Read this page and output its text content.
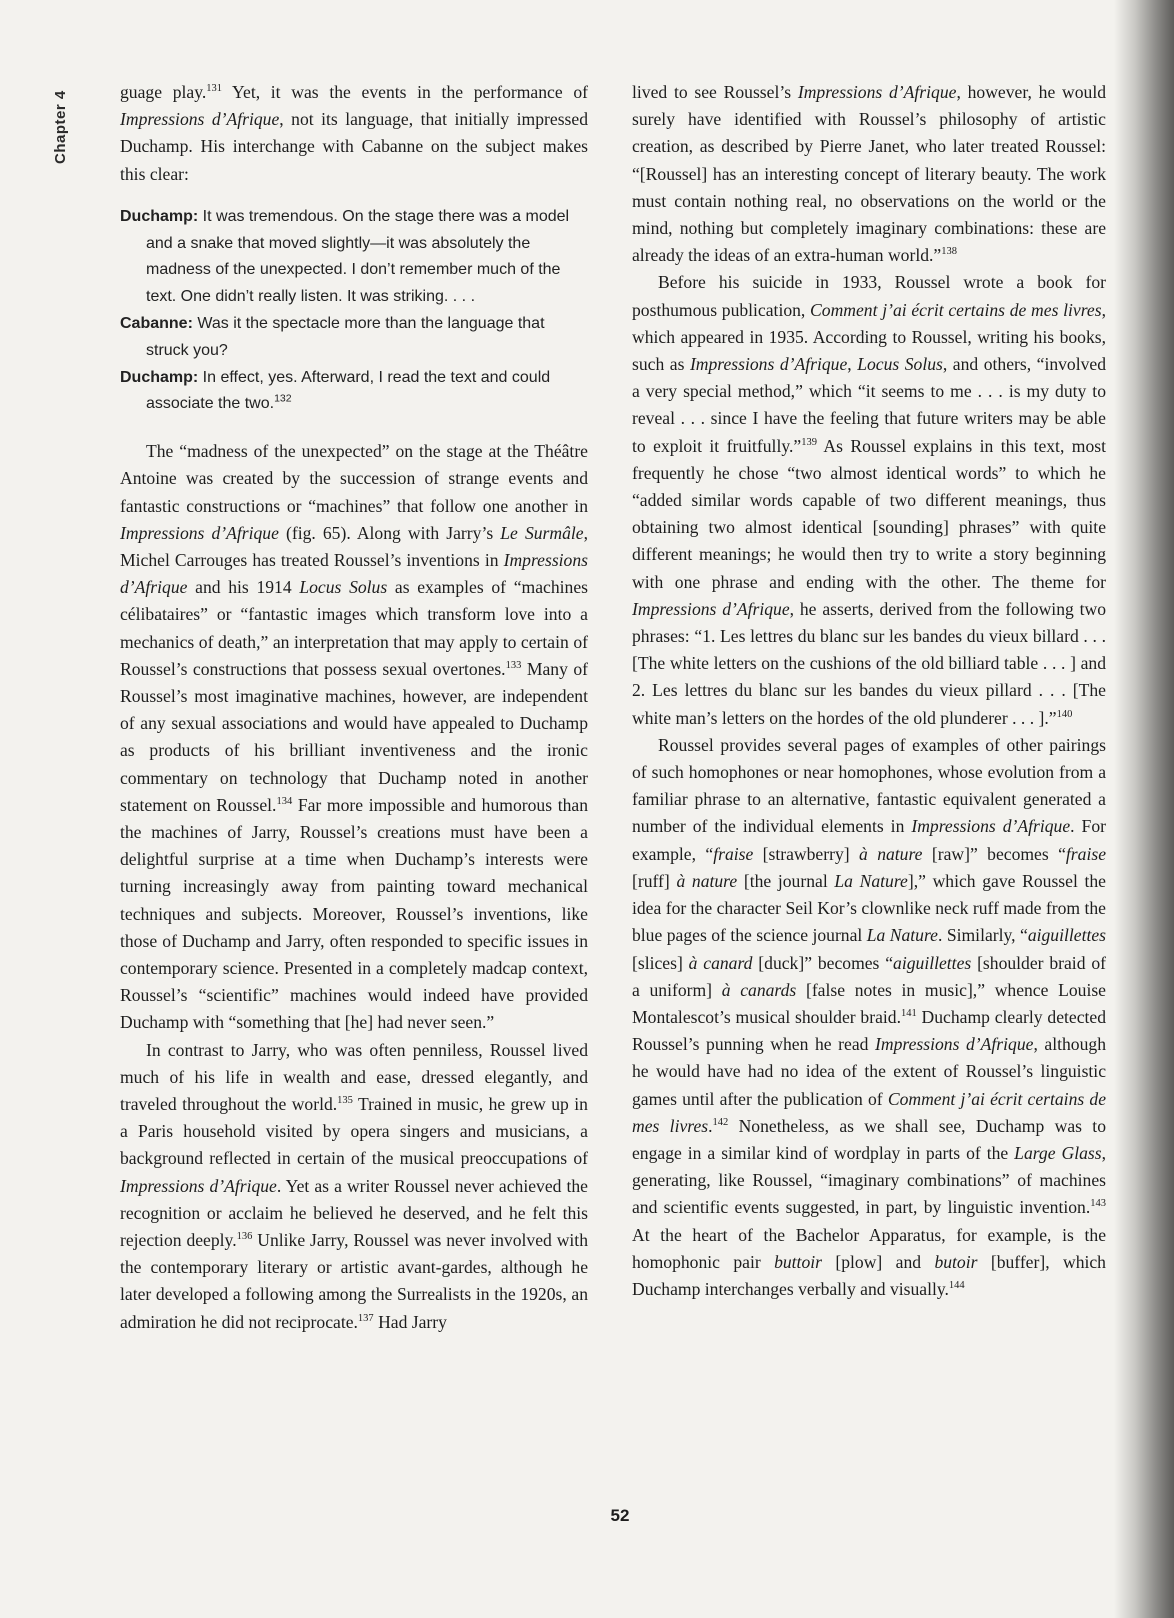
Chapter 4	guage play.$^{131}$ Yet, it was the events in the performance of Impressions d’Afrique, not its language, that initially impressed Duchamp. His interchange with Cabanne on the subject makes this clear:

Duchamp: It was tremendous. On the stage there was a model and a snake that moved slightly—it was absolutely the madness of the unexpected. I don’t remember much of the text. One didn’t really listen. It was striking. . . .
Cabanne: Was it the spectacle more than the language that struck you?
Duchamp: In effect, yes. Afterward, I read the text and could associate the two.$^{132}$

The “madness of the unexpected” on the stage at the Théâtre Antoine was created by the succession of strange events and fantastic constructions or “machines” that follow one another in Impressions d’Afrique (fig. 65). Along with Jarry’s Le Surmâle, Michel Carrouges has treated Roussel’s inventions in Impressions d’Afrique and his 1914 Locus Solus as examples of “machines célibataires” or “fantastic images which transform love into a mechanics of death,” an interpretation that may apply to certain of Roussel’s constructions that possess sexual overtones.$^{133}$ Many of Roussel’s most imaginative machines, however, are independent of any sexual associations and would have appealed to Duchamp as products of his brilliant inventiveness and the ironic commentary on technology that Duchamp noted in another statement on Roussel.$^{134}$ Far more impossible and humorous than the machines of Jarry, Roussel’s creations must have been a delightful surprise at a time when Duchamp’s interests were turning increasingly away from painting toward mechanical techniques and subjects. Moreover, Roussel’s inventions, like those of Duchamp and Jarry, often responded to specific issues in contemporary science. Presented in a completely madcap context, Roussel’s “scientific” machines would indeed have provided Duchamp with “something that [he] had never seen.”

In contrast to Jarry, who was often penniless, Roussel lived much of his life in wealth and ease, dressed elegantly, and traveled throughout the world.$^{135}$ Trained in music, he grew up in a Paris household visited by opera singers and musicians, a background reflected in certain of the musical preoccupations of Impressions d’Afrique. Yet as a writer Roussel never achieved the recognition or acclaim he believed he deserved, and he felt this rejection deeply.$^{136}$ Unlike Jarry, Roussel was never involved with the contemporary literary or artistic avant-gardes, although he later developed a following among the Surrealists in the 1920s, an admiration he did not reciprocate.$^{137}$ Had Jarry

lived to see Roussel’s Impressions d’Afrique, however, he would surely have identified with Roussel’s philosophy of artistic creation, as described by Pierre Janet, who later treated Roussel: “[Roussel] has an interesting concept of literary beauty. The work must contain nothing real, no observations on the world or the mind, nothing but completely imaginary combinations: these are already the ideas of an extra-human world.”$^{138}$

Before his suicide in 1933, Roussel wrote a book for posthumous publication, Comment j’ai écrit certains de mes livres, which appeared in 1935. According to Roussel, writing his books, such as Impressions d’Afrique, Locus Solus, and others, “involved a very special method,” which “it seems to me . . . is my duty to reveal . . . since I have the feeling that future writers may be able to exploit it fruitfully.”$^{139}$ As Roussel explains in this text, most frequently he chose “two almost identical words” to which he “added similar words capable of two different meanings, thus obtaining two almost identical [sounding] phrases” with quite different meanings; he would then try to write a story beginning with one phrase and ending with the other. The theme for Impressions d’Afrique, he asserts, derived from the following two phrases: “1. Les lettres du blanc sur les bandes du vieux billard . . . [The white letters on the cushions of the old billiard table . . . ] and 2. Les lettres du blanc sur les bandes du vieux pillard . . . [The white man’s letters on the hordes of the old plunderer . . . ].”$^{140}$

Roussel provides several pages of examples of other pairings of such homophones or near homophones, whose evolution from a familiar phrase to an alternative, fantastic equivalent generated a number of the individual elements in Impressions d’Afrique. For example, “fraise [strawberry] à nature [raw]” becomes “fraise [ruff] à nature [the journal La Nature],” which gave Roussel the idea for the character Seil Kor’s clownlike neck ruff made from the blue pages of the science journal La Nature. Similarly, “aiguillettes [slices] à canard [duck]” becomes “aiguillettes [shoulder braid of a uniform] à canards [false notes in music],” whence Louise Montalescot’s musical shoulder braid.$^{141}$ Duchamp clearly detected Roussel’s punning when he read Impressions d’Afrique, although he would have had no idea of the extent of Roussel’s linguistic games until after the publication of Comment j’ai écrit certains de mes livres.$^{142}$ Nonetheless, as we shall see, Duchamp was to engage in a similar kind of wordplay in parts of the Large Glass, generating, like Roussel, “imaginary combinations” of machines and scientific events suggested, in part, by linguistic invention.$^{143}$ At the heart of the Bachelor Apparatus, for example, is the homophonic pair buttoir [plow] and butoir [buffer], which Duchamp interchanges verbally and visually.$^{144}$

52
